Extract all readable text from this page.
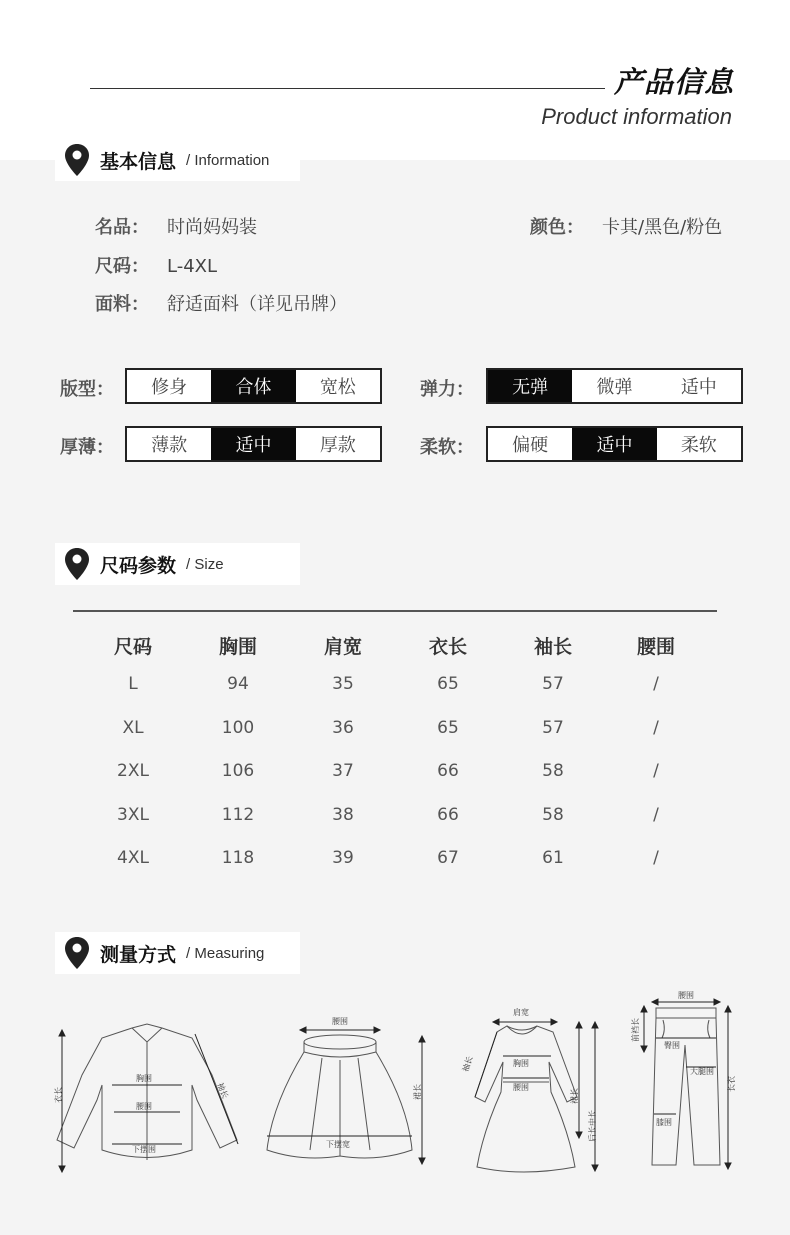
产品信息
Product information
基本信息 / Information
名品： 时尚妈妈装	颜色： 卡其/黑色/粉色
尺码： L-4XL
面料： 舒适面料（详见吊牌）
版型：	修身	合体	宽松	弹力：	无弹	微弹	适中
厚薄：	薄款	适中	厚款	柔软：	偏硬	适中	柔软
尺码参数 / Size
尺码	胸围	肩宽	衣长	袖长	腰围
L	94	35	65	57	/
XL	100	36	65	57	/
2XL	106	37	66	58	/
3XL	112	38	66	58	/
4XL	118	39	67	61	/
测量方式 / Measuring
衣长
胸围
腰围
下摆围
袖长
腰围
裙长
下摆宽
肩宽
胸围
腰围
袖长
裙长
后长中长
腰围
前裆长
臀围
大腿围
膝围
长衣
